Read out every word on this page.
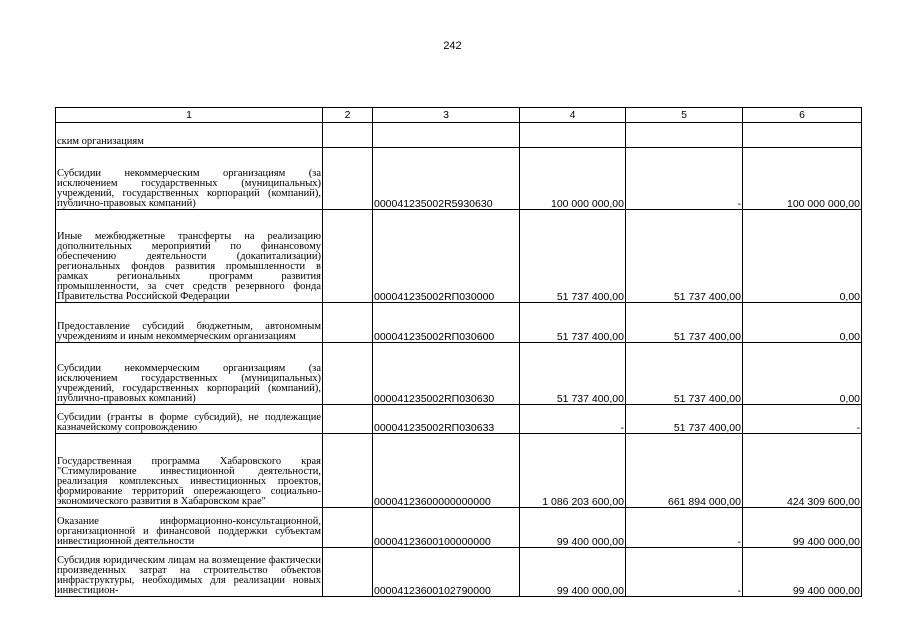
242
1	2	3	4	5	6
ским организациям					
Субсидии некоммерческим организациям (за исключением государственных (муниципальных) учреждений, государственных корпораций (компаний), публично-правовых компаний)		000041235002R5930630	100 000 000,00	-	100 000 000,00
Иные межбюджетные трансферты на реализацию дополнительных мероприятий по финансовому обеспечению деятельности (докапитализации) региональных фондов развития промышленности в рамках региональных программ развития промышленности, за счет средств резервного фонда Правительства Российской Федерации		000041235002RП030000	51 737 400,00	51 737 400,00	0,00
Предоставление субсидий бюджетным, автономным учреждениям и иным некоммерческим организациям		000041235002RП030600	51 737 400,00	51 737 400,00	0,00
Субсидии некоммерческим организациям (за исключением государственных (муниципальных) учреждений, государственных корпораций (компаний), публично-правовых компаний)		000041235002RП030630	51 737 400,00	51 737 400,00	0,00
Субсидии (гранты в форме субсидий), не подлежащие казначейскому сопровождению		000041235002RП030633	-	51 737 400,00	-
Государственная программа Хабаровского края "Стимулирование инвестиционной деятельности, реализация комплексных инвестиционных проектов, формирование территорий опережающего социально-экономического развития в Хабаровском крае"		00004123600000000000	1 086 203 600,00	661 894 000,00	424 309 600,00
Оказание информационно-консультационной, организационной и финансовой поддержки субъектам инвестиционной деятельности		00004123600100000000	99 400 000,00	-	99 400 000,00
Субсидия юридическим лицам на возмещение фактически произведенных затрат на строительство объектов инфраструктуры, необходимых для реализации новых инвестицион-		00004123600102790000	99 400 000,00	-	99 400 000,00
